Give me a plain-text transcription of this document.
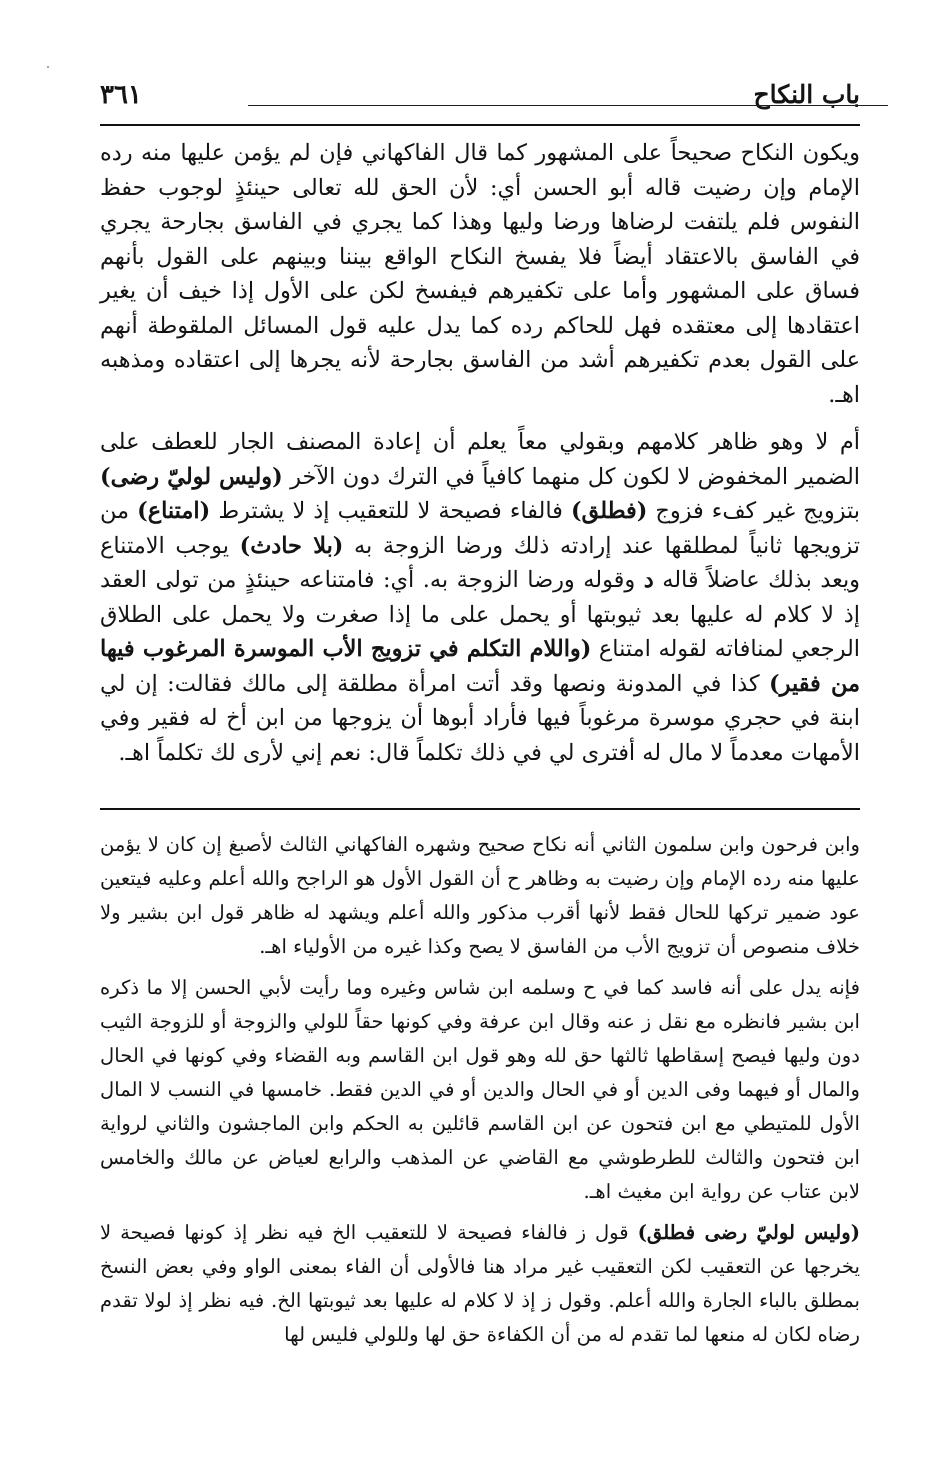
٣٦١	باب النكاح

ويكون النكاح صحيحاً على المشهور كما قال الفاكهاني فإن لم يؤمن عليها منه رده الإمام وإن رضيت قاله أبو الحسن أي: لأن الحق لله تعالى حينئذٍ لوجوب حفظ النفوس فلم يلتفت لرضاها ورضا وليها وهذا كما يجري في الفاسق بجارحة يجري في الفاسق بالاعتقاد أيضاً فلا يفسخ النكاح الواقع بيننا وبينهم على القول بأنهم فساق على المشهور وأما على تكفيرهم فيفسخ لكن على الأول إذا خيف أن يغير اعتقادها إلى معتقده فهل للحاكم رده كما يدل عليه قول المسائل الملقوطة أنهم على القول بعدم تكفيرهم أشد من الفاسق بجارحة لأنه يجرها إلى اعتقاده ومذهبه اهـ.

أم لا وهو ظاهر كلامهم وبقولي معاً يعلم أن إعادة المصنف الجار للعطف على الضمير المخفوض لا لكون كل منهما كافياً في الترك دون الآخر (وليس لوليّ رضى) بتزويج غير كفء فزوج (فطلق) فالفاء فصيحة لا للتعقيب إذ لا يشترط (امتناع) من تزويجها ثانياً لمطلقها عند إرادته ذلك ورضا الزوجة به (بلا حادث) يوجب الامتناع ويعد بذلك عاضلاً قاله د وقوله ورضا الزوجة به. أي: فامتناعه حينئذٍ من تولى العقد إذ لا كلام له عليها بعد ثيوبتها أو يحمل على ما إذا صغرت ولا يحمل على الطلاق الرجعي لمنافاته لقوله امتناع (واللام التكلم في تزويج الأب الموسرة المرغوب فيها من فقير) كذا في المدونة ونصها وقد أتت امرأة مطلقة إلى مالك فقالت: إن لي ابنة في حجري موسرة مرغوباً فيها فأراد أبوها أن يزوجها من ابن أخ له فقير وفي الأمهات معدماً لا مال له أفترى لي في ذلك تكلماً قال: نعم إني لأرى لك تكلماً اهـ.

وابن فرحون وابن سلمون الثاني أنه نكاح صحيح وشهره الفاكهاني الثالث لأصبغ إن كان لا يؤمن عليها منه رده الإمام وإن رضيت به وظاهر ح أن القول الأول هو الراجح والله أعلم وعليه فيتعين عود ضمير تركها للحال فقط لأنها أقرب مذكور والله أعلم ويشهد له ظاهر قول ابن بشير ولا خلاف منصوص أن تزويج الأب من الفاسق لا يصح وكذا غيره من الأولياء اهـ.

فإنه يدل على أنه فاسد كما في ح وسلمه ابن شاس وغيره وما رأيت لأبي الحسن إلا ما ذكره ابن بشير فانظره مع نقل ز عنه وقال ابن عرفة وفي كونها حقاً للولي والزوجة أو للزوجة الثيب دون وليها فيصح إسقاطها ثالثها حق لله وهو قول ابن القاسم وبه القضاء وفي كونها في الحال والمال أو فيهما وفى الدين أو في الحال والدين أو في الدين فقط. خامسها في النسب لا المال الأول للمتيطي مع ابن فتحون عن ابن القاسم قائلين به الحكم وابن الماجشون والثاني لرواية ابن فتحون والثالث للطرطوشي مع القاضي عن المذهب والرابع لعياض عن مالك والخامس لابن عتاب عن رواية ابن مغيث اهـ.

(وليس لوليّ رضى فطلق) قول ز فالفاء فصيحة لا للتعقيب الخ فيه نظر إذ كونها فصيحة لا يخرجها عن التعقيب لكن التعقيب غير مراد هنا فالأولى أن الفاء بمعنى الواو وفي بعض النسخ بمطلق بالباء الجارة والله أعلم. وقول ز إذ لا كلام له عليها بعد ثيوبتها الخ. فيه نظر إذ لولا تقدم رضاه لكان له منعها لما تقدم له من أن الكفاءة حق لها وللولي فليس لها
